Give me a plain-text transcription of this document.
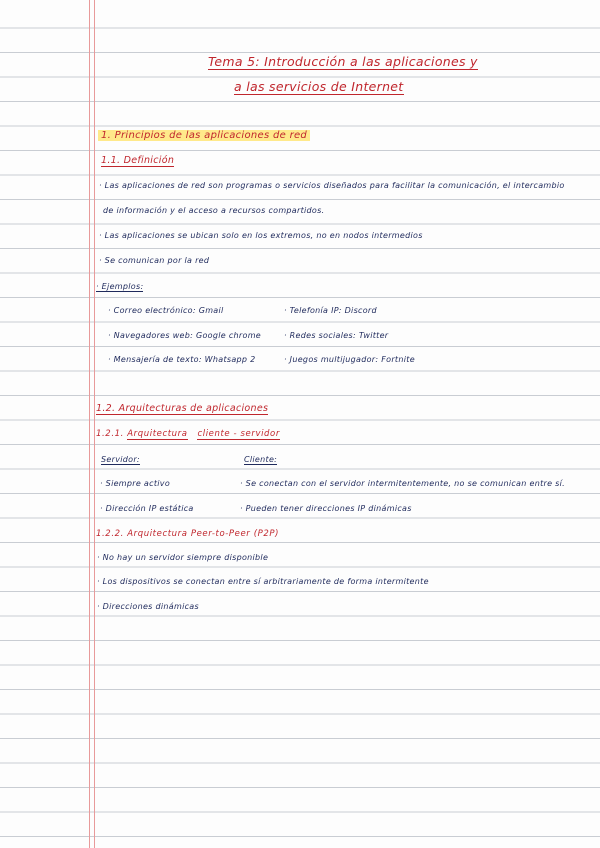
Tema 5: Introducción a las aplicaciones y
a las servicios de Internet
1. Principios de las aplicaciones de red
1.1. Definición
· Las aplicaciones de red son programas o servicios diseñados para facilitar la comunicación, el intercambio
de información y el acceso a recursos compartidos.
· Las aplicaciones se ubican solo en los extremos, no en nodos intermedios
· Se comunican por la red
· Ejemplos:
· Correo electrónico: Gmail
· Navegadores web: Google chrome
· Mensajería de texto: Whatsapp 2
· Telefonía IP: Discord
· Redes sociales: Twitter
· Juegos multijugador: Fortnite
1.2. Arquitecturas de aplicaciones
1.2.1. Arquitectura cliente - servidor
Servidor:	Cliente:
· Siempre activo
· Dirección IP estática
· Se conectan con el servidor intermitentemente, no se comunican entre sí.
· Pueden tener direcciones IP dinámicas
1.2.2. Arquitectura Peer-to-Peer (P2P)
· No hay un servidor siempre disponible
· Los dispositivos se conectan entre sí arbitrariamente de forma intermitente
· Direcciones dinámicas
